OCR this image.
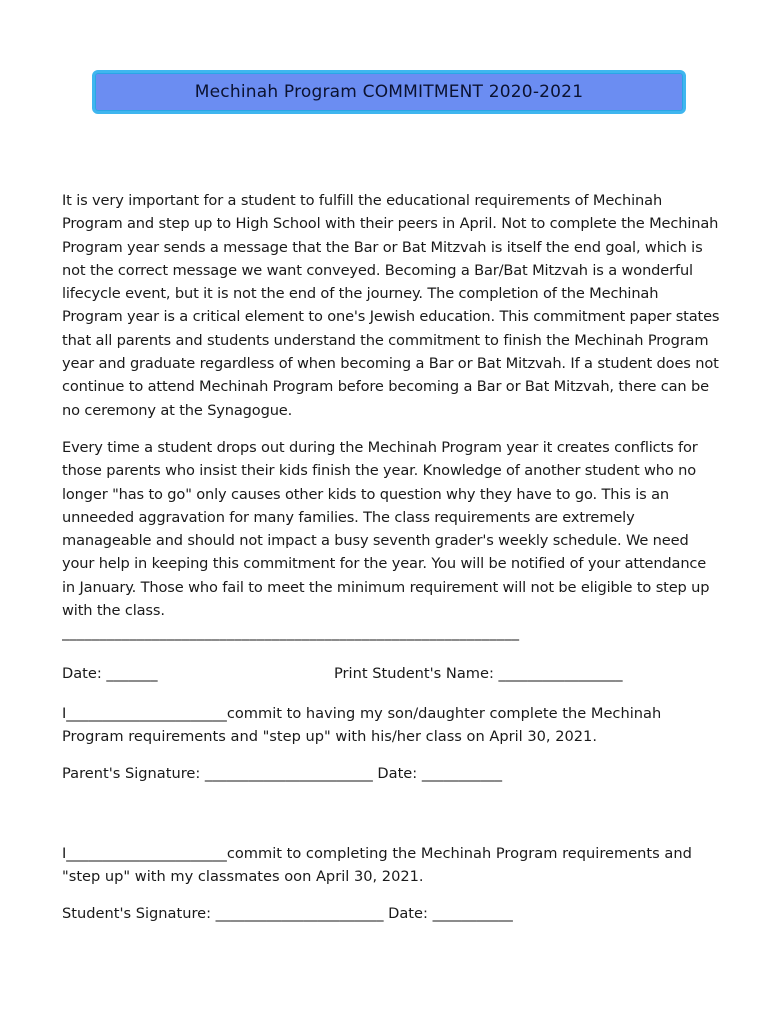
Mechinah Program COMMITMENT 2020-2021

It is very important for a student to fulfill the educational requirements of Mechinah Program and step up to High School with their peers in April. Not to complete the Mechinah Program year sends a message that the Bar or Bat Mitzvah is itself the end goal, which is not the correct message we want conveyed. Becoming a Bar/Bat Mitzvah is a wonderful lifecycle event, but it is not the end of the journey. The completion of the Mechinah Program year is a critical element to one's Jewish education. This commitment paper states that all parents and students understand the commitment to finish the Mechinah Program year and graduate regardless of when becoming a Bar or Bat Mitzvah. If a student does not continue to attend Mechinah Program before becoming a Bar or Bat Mitzvah, there can be no ceremony at the Synagogue.

Every time a student drops out during the Mechinah Program year it creates conflicts for those parents who insist their kids finish the year. Knowledge of another student who no longer "has to go" only causes other kids to question why they have to go. This is an unneeded aggravation for many families. The class requirements are extremely manageable and should not impact a busy seventh grader's weekly schedule. We need your help in keeping this commitment for the year. You will be notified of your attendance in January. Those who fail to meet the minimum requirement will not be eligible to step up with the class.

_____________________________________________________________
Date: _______	Print Student's Name: _________________
I______________________commit to having my son/daughter complete the Mechinah Program requirements and "step up" with his/her class on April 30, 2021.
Parent's Signature: _______________________ Date: ___________
I______________________commit to completing the Mechinah Program requirements and "step up" with my classmates oon April 30, 2021.
Student's Signature: _______________________ Date: ___________
